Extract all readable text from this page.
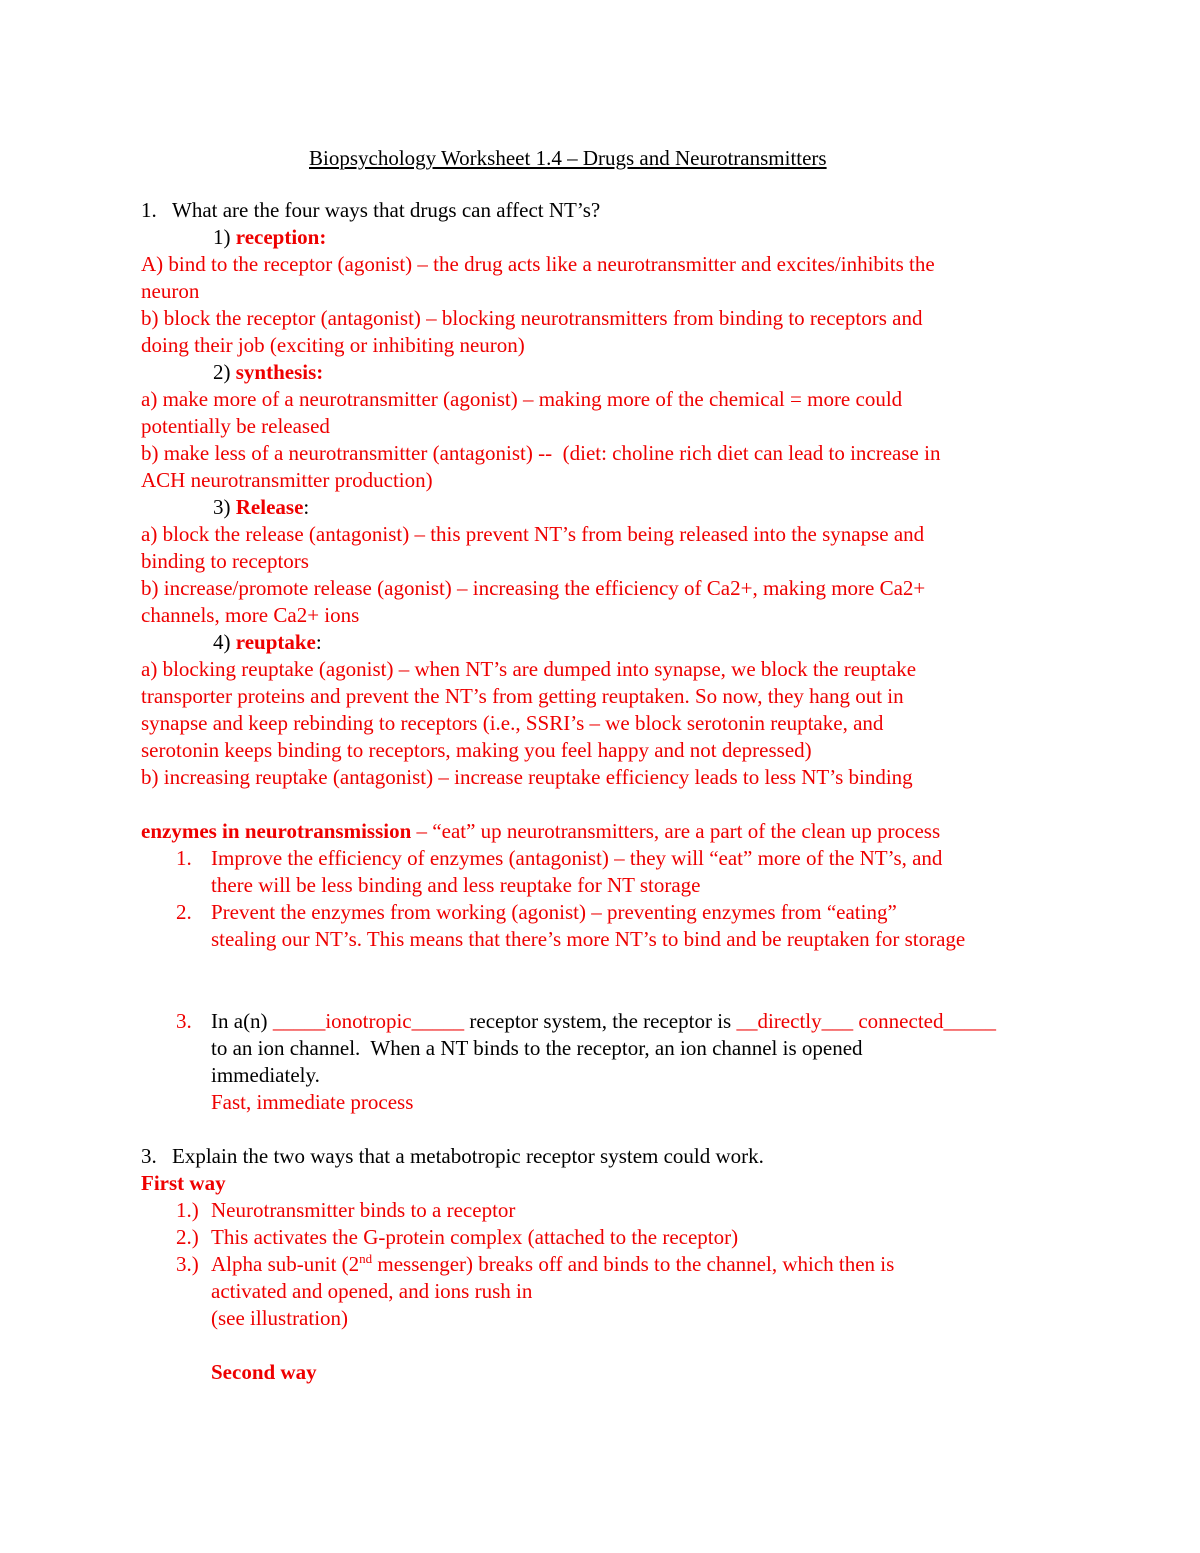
Biopsychology Worksheet 1.4 – Drugs and Neurotransmitters
1. What are the four ways that drugs can affect NT’s?
1) reception:
A) bind to the receptor (agonist) – the drug acts like a neurotransmitter and excites/inhibits the
neuron
b) block the receptor (antagonist) – blocking neurotransmitters from binding to receptors and
doing their job (exciting or inhibiting neuron)
2) synthesis:
a) make more of a neurotransmitter (agonist) – making more of the chemical = more could
potentially be released
b) make less of a neurotransmitter (antagonist) --  (diet: choline rich diet can lead to increase in
ACH neurotransmitter production)
3) Release:
a) block the release (antagonist) – this prevent NT’s from being released into the synapse and
binding to receptors
b) increase/promote release (agonist) – increasing the efficiency of Ca2+, making more Ca2+
channels, more Ca2+ ions
4) reuptake:
a) blocking reuptake (agonist) – when NT’s are dumped into synapse, we block the reuptake
transporter proteins and prevent the NT’s from getting reuptaken. So now, they hang out in
synapse and keep rebinding to receptors (i.e., SSRI’s – we block serotonin reuptake, and
serotonin keeps binding to receptors, making you feel happy and not depressed)
b) increasing reuptake (antagonist) – increase reuptake efficiency leads to less NT’s binding
enzymes in neurotransmission – “eat” up neurotransmitters, are a part of the clean up process
1. Improve the efficiency of enzymes (antagonist) – they will “eat” more of the NT’s, and
there will be less binding and less reuptake for NT storage
2. Prevent the enzymes from working (agonist) – preventing enzymes from “eating”
stealing our NT’s. This means that there’s more NT’s to bind and be reuptaken for storage
3. In a(n) _____ionotropic_____ receptor system, the receptor is __directly___ connected_____
to an ion channel.  When a NT binds to the receptor, an ion channel is opened
immediately.
Fast, immediate process
3. Explain the two ways that a metabotropic receptor system could work.
First way
1.) Neurotransmitter binds to a receptor
2.) This activates the G-protein complex (attached to the receptor)
3.) Alpha sub-unit (2nd messenger) breaks off and binds to the channel, which then is
activated and opened, and ions rush in
(see illustration)
Second way
